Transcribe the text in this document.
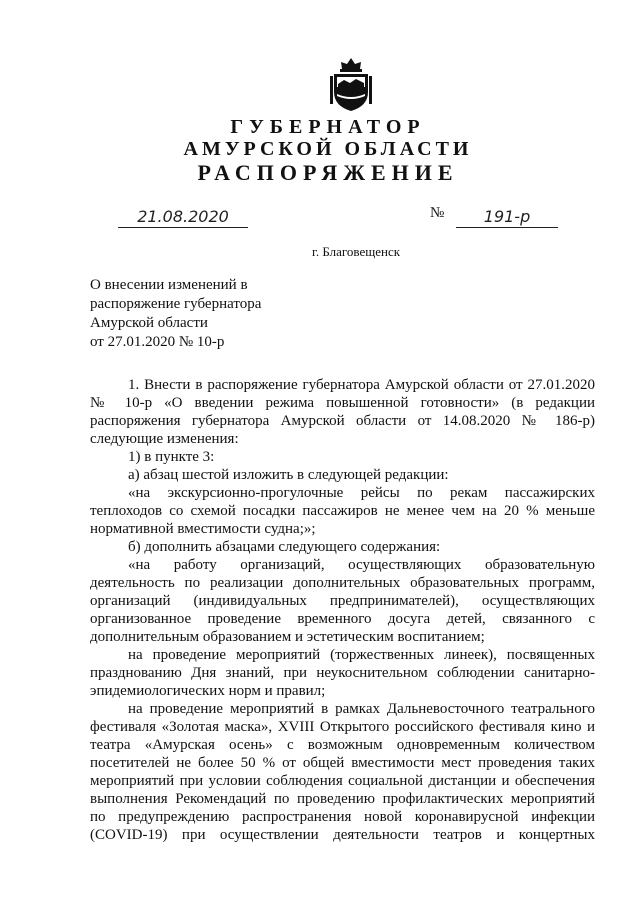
ГУБЕРНАТОР
АМУРСКОЙ ОБЛАСТИ
РАСПОРЯЖЕНИЕ
21.08.2020	№	191-р
г. Благовещенск
О внесении изменений в
распоряжение губернатора
Амурской области
от 27.01.2020 № 10-р
1. Внести в распоряжение губернатора Амурской области от 27.01.2020
№ 10-р «О введении режима повышенной готовности» (в редакции
распоряжения губернатора Амурской области от 14.08.2020 № 186-р)
следующие изменения:
1) в пункте 3:
а) абзац шестой изложить в следующей редакции:
«на экскурсионно-прогулочные рейсы по рекам пассажирских
теплоходов со схемой посадки пассажиров не менее чем на 20 % меньше
нормативной вместимости судна;»;
б) дополнить абзацами следующего содержания:
«на работу организаций, осуществляющих образовательную
деятельность по реализации дополнительных образовательных программ,
организаций (индивидуальных предпринимателей), осуществляющих
организованное проведение временного досуга детей, связанного с
дополнительным образованием и эстетическим воспитанием;
на проведение мероприятий (торжественных линеек), посвященных
празднованию Дня знаний, при неукоснительном соблюдении санитарно-
эпидемиологических норм и правил;
на проведение мероприятий в рамках Дальневосточного театрального
фестиваля «Золотая маска», XVIII Открытого российского фестиваля кино и
театра «Амурская осень» с возможным одновременным количеством
посетителей не более 50 % от общей вместимости мест проведения таких
мероприятий при условии соблюдения социальной дистанции и обеспечения
выполнения Рекомендаций по проведению профилактических мероприятий
по предупреждению распространения новой коронавирусной инфекции
(COVID-19) при осуществлении деятельности театров и концертных
